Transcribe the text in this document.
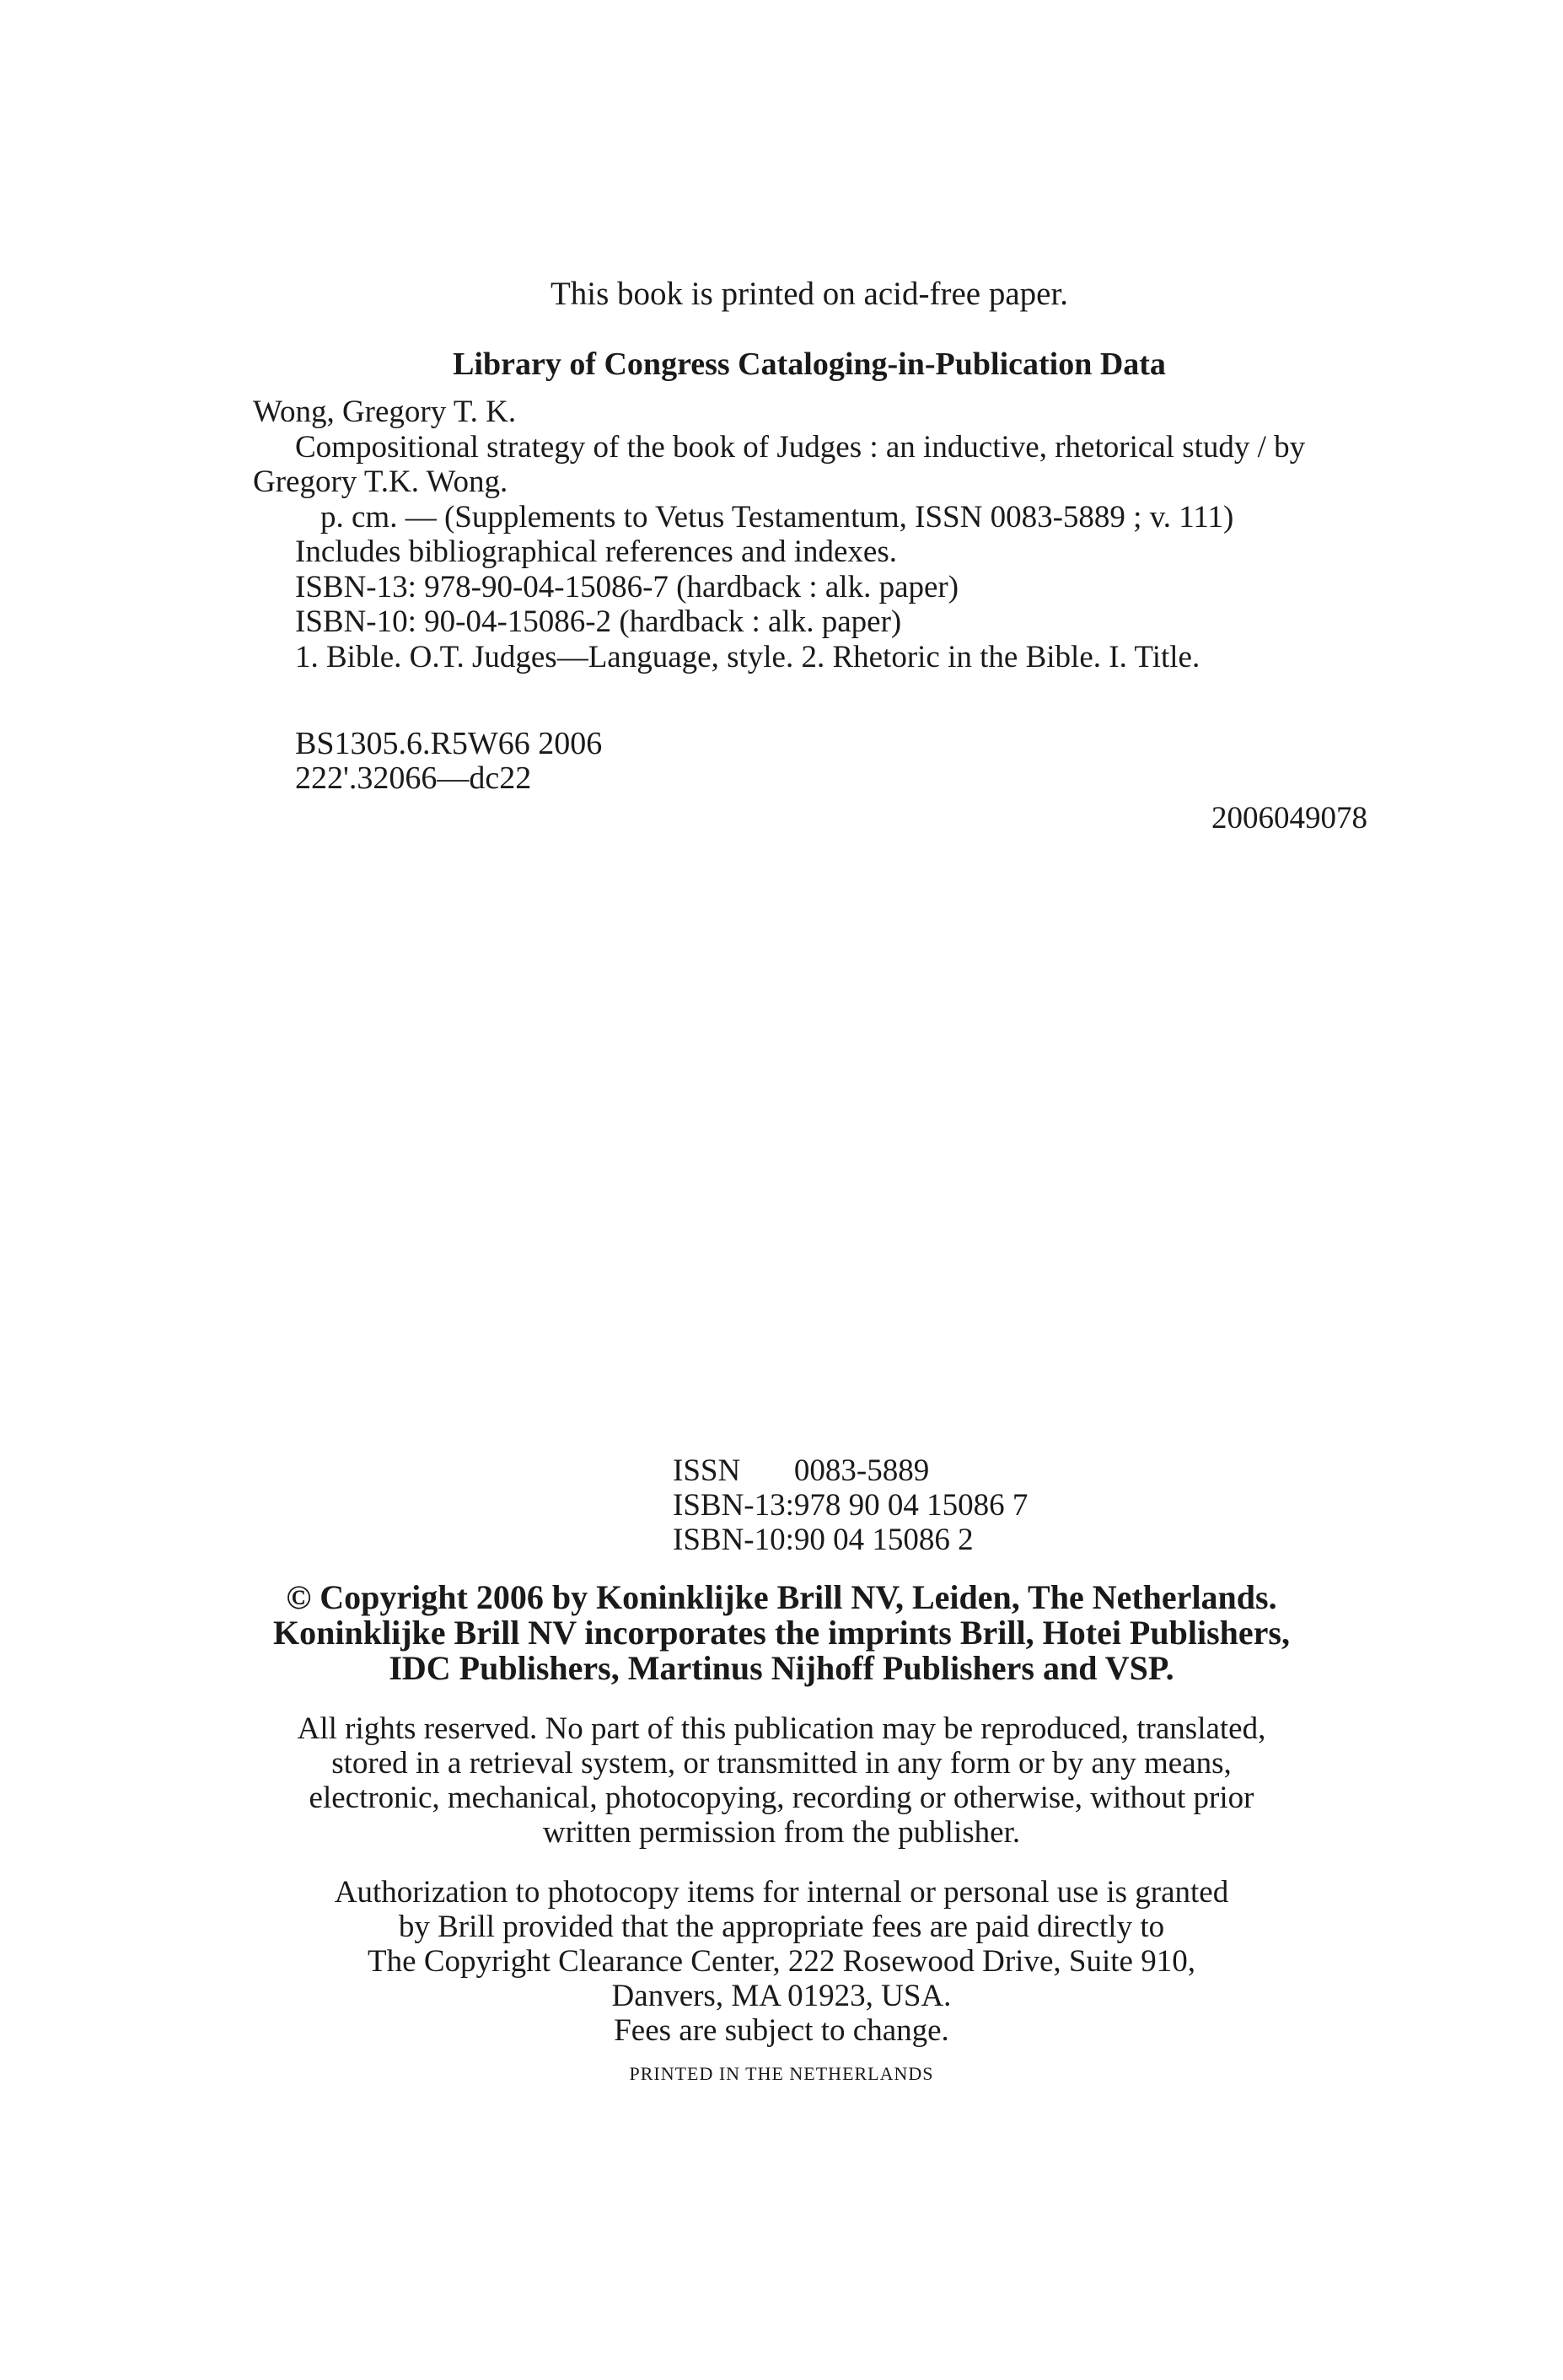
This book is printed on acid-free paper.
Library of Congress Cataloging-in-Publication Data
Wong, Gregory T. K.
Compositional strategy of the book of Judges : an inductive, rhetorical study / by
Gregory T.K. Wong.
p. cm. — (Supplements to Vetus Testamentum, ISSN 0083-5889 ; v. 111)
Includes bibliographical references and indexes.
ISBN-13: 978-90-04-15086-7 (hardback : alk. paper)
ISBN-10: 90-04-15086-2 (hardback : alk. paper)
1. Bible. O.T. Judges—Language, style. 2. Rhetoric in the Bible. I. Title.
BS1305.6.R5W66 2006
222'.32066—dc22
2006049078
ISSN	0083-5889
ISBN-13:	978 90 04 15086 7
ISBN-10:	90 04 15086 2
© Copyright 2006 by Koninklijke Brill NV, Leiden, The Netherlands.
Koninklijke Brill NV incorporates the imprints Brill, Hotei Publishers,
IDC Publishers, Martinus Nijhoff Publishers and VSP.
All rights reserved. No part of this publication may be reproduced, translated,
stored in a retrieval system, or transmitted in any form or by any means,
electronic, mechanical, photocopying, recording or otherwise, without prior
written permission from the publisher.
Authorization to photocopy items for internal or personal use is granted
by Brill provided that the appropriate fees are paid directly to
The Copyright Clearance Center, 222 Rosewood Drive, Suite 910,
Danvers, MA 01923, USA.
Fees are subject to change.
PRINTED IN THE NETHERLANDS
